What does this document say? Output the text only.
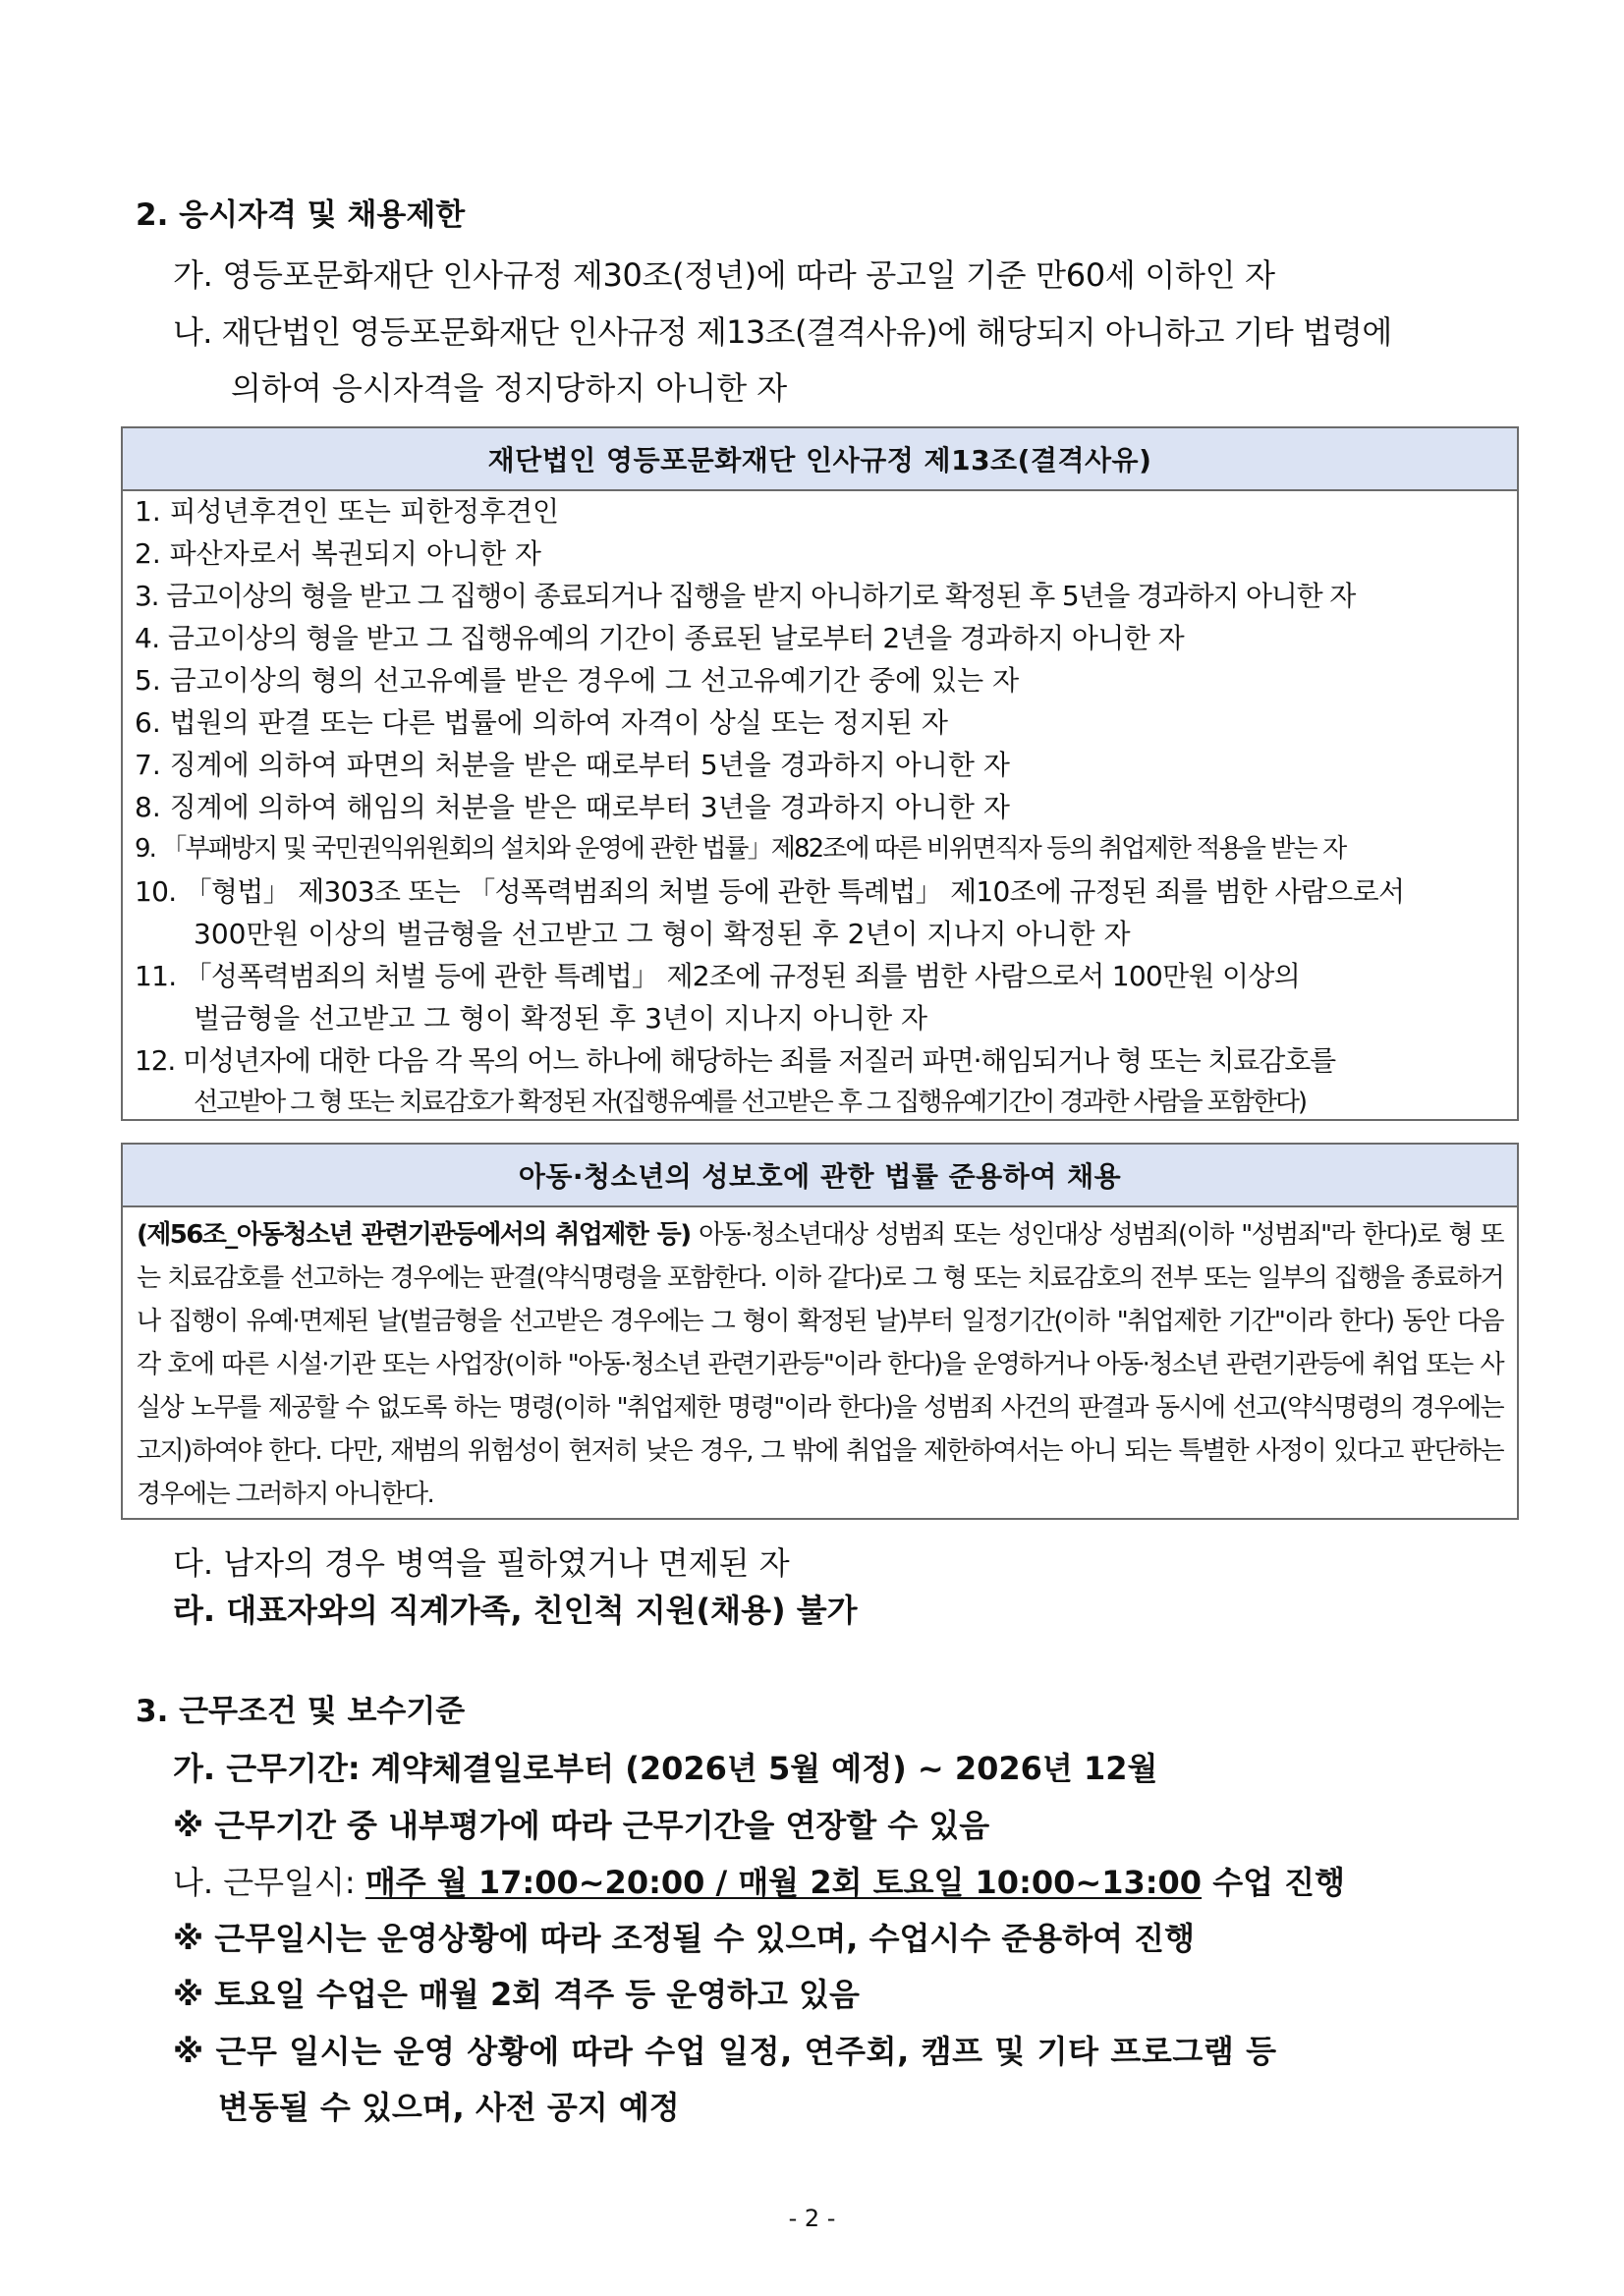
2. 응시자격 및 채용제한
가. 영등포문화재단 인사규정 제30조(정년)에 따라 공고일 기준 만60세 이하인 자
나. 재단법인 영등포문화재단 인사규정 제13조(결격사유)에 해당되지 아니하고 기타 법령에
의하여 응시자격을 정지당하지 아니한 자
재단법인 영등포문화재단 인사규정 제13조(결격사유)
1. 피성년후견인 또는 피한정후견인
2. 파산자로서 복권되지 아니한 자
3. 금고이상의 형을 받고 그 집행이 종료되거나 집행을 받지 아니하기로 확정된 후 5년을 경과하지 아니한 자
4. 금고이상의 형을 받고 그 집행유예의 기간이 종료된 날로부터 2년을 경과하지 아니한 자
5. 금고이상의 형의 선고유예를 받은 경우에 그 선고유예기간 중에 있는 자
6. 법원의 판결 또는 다른 법률에 의하여 자격이 상실 또는 정지된 자
7. 징계에 의하여 파면의 처분을 받은 때로부터 5년을 경과하지 아니한 자
8. 징계에 의하여 해임의 처분을 받은 때로부터 3년을 경과하지 아니한 자
9. 「부패방지 및 국민권익위원회의 설치와 운영에 관한 법률」제82조에 따른 비위면직자 등의 취업제한 적용을 받는 자
10. 「형법」 제303조 또는 「성폭력범죄의 처벌 등에 관한 특례법」 제10조에 규정된 죄를 범한 사람으로서
300만원 이상의 벌금형을 선고받고 그 형이 확정된 후 2년이 지나지 아니한 자
11. 「성폭력범죄의 처벌 등에 관한 특례법」 제2조에 규정된 죄를 범한 사람으로서 100만원 이상의
벌금형을 선고받고 그 형이 확정된 후 3년이 지나지 아니한 자
12. 미성년자에 대한 다음 각 목의 어느 하나에 해당하는 죄를 저질러 파면·해임되거나 형 또는 치료감호를
선고받아 그 형 또는 치료감호가 확정된 자(집행유예를 선고받은 후 그 집행유예기간이 경과한 사람을 포함한다)
아동·청소년의 성보호에 관한 법률 준용하여 채용
(제56조_아동청소년 관련기관등에서의 취업제한 등) 아동·청소년대상 성범죄 또는 성인대상 성범죄(이하 "성범죄"라 한다)로 형 또는 치료감호를 선고하는 경우에는 판결(약식명령을 포함한다. 이하 같다)로 그 형 또는 치료감호의 전부 또는 일부의 집행을 종료하거나 집행이 유예·면제된 날(벌금형을 선고받은 경우에는 그 형이 확정된 날)부터 일정기간(이하 "취업제한 기간"이라 한다) 동안 다음 각 호에 따른 시설·기관 또는 사업장(이하 "아동·청소년 관련기관등"이라 한다)을 운영하거나 아동·청소년 관련기관등에 취업 또는 사실상 노무를 제공할 수 없도록 하는 명령(이하 "취업제한 명령"이라 한다)을 성범죄 사건의 판결과 동시에 선고(약식명령의 경우에는 고지)하여야 한다. 다만, 재범의 위험성이 현저히 낮은 경우, 그 밖에 취업을 제한하여서는 아니 되는 특별한 사정이 있다고 판단하는 경우에는 그러하지 아니한다.
다. 남자의 경우 병역을 필하였거나 면제된 자
라. 대표자와의 직계가족, 친인척 지원(채용) 불가
3. 근무조건 및 보수기준
가. 근무기간: 계약체결일로부터 (2026년 5월 예정) ~ 2026년 12월
※ 근무기간 중 내부평가에 따라 근무기간을 연장할 수 있음
나. 근무일시: 매주 월 17:00~20:00 / 매월 2회 토요일 10:00~13:00 수업 진행
※ 근무일시는 운영상황에 따라 조정될 수 있으며, 수업시수 준용하여 진행
※ 토요일 수업은 매월 2회 격주 등 운영하고 있음
※ 근무 일시는 운영 상황에 따라 수업 일정, 연주회, 캠프 및 기타 프로그램 등
변동될 수 있으며, 사전 공지 예정
- 2 -
